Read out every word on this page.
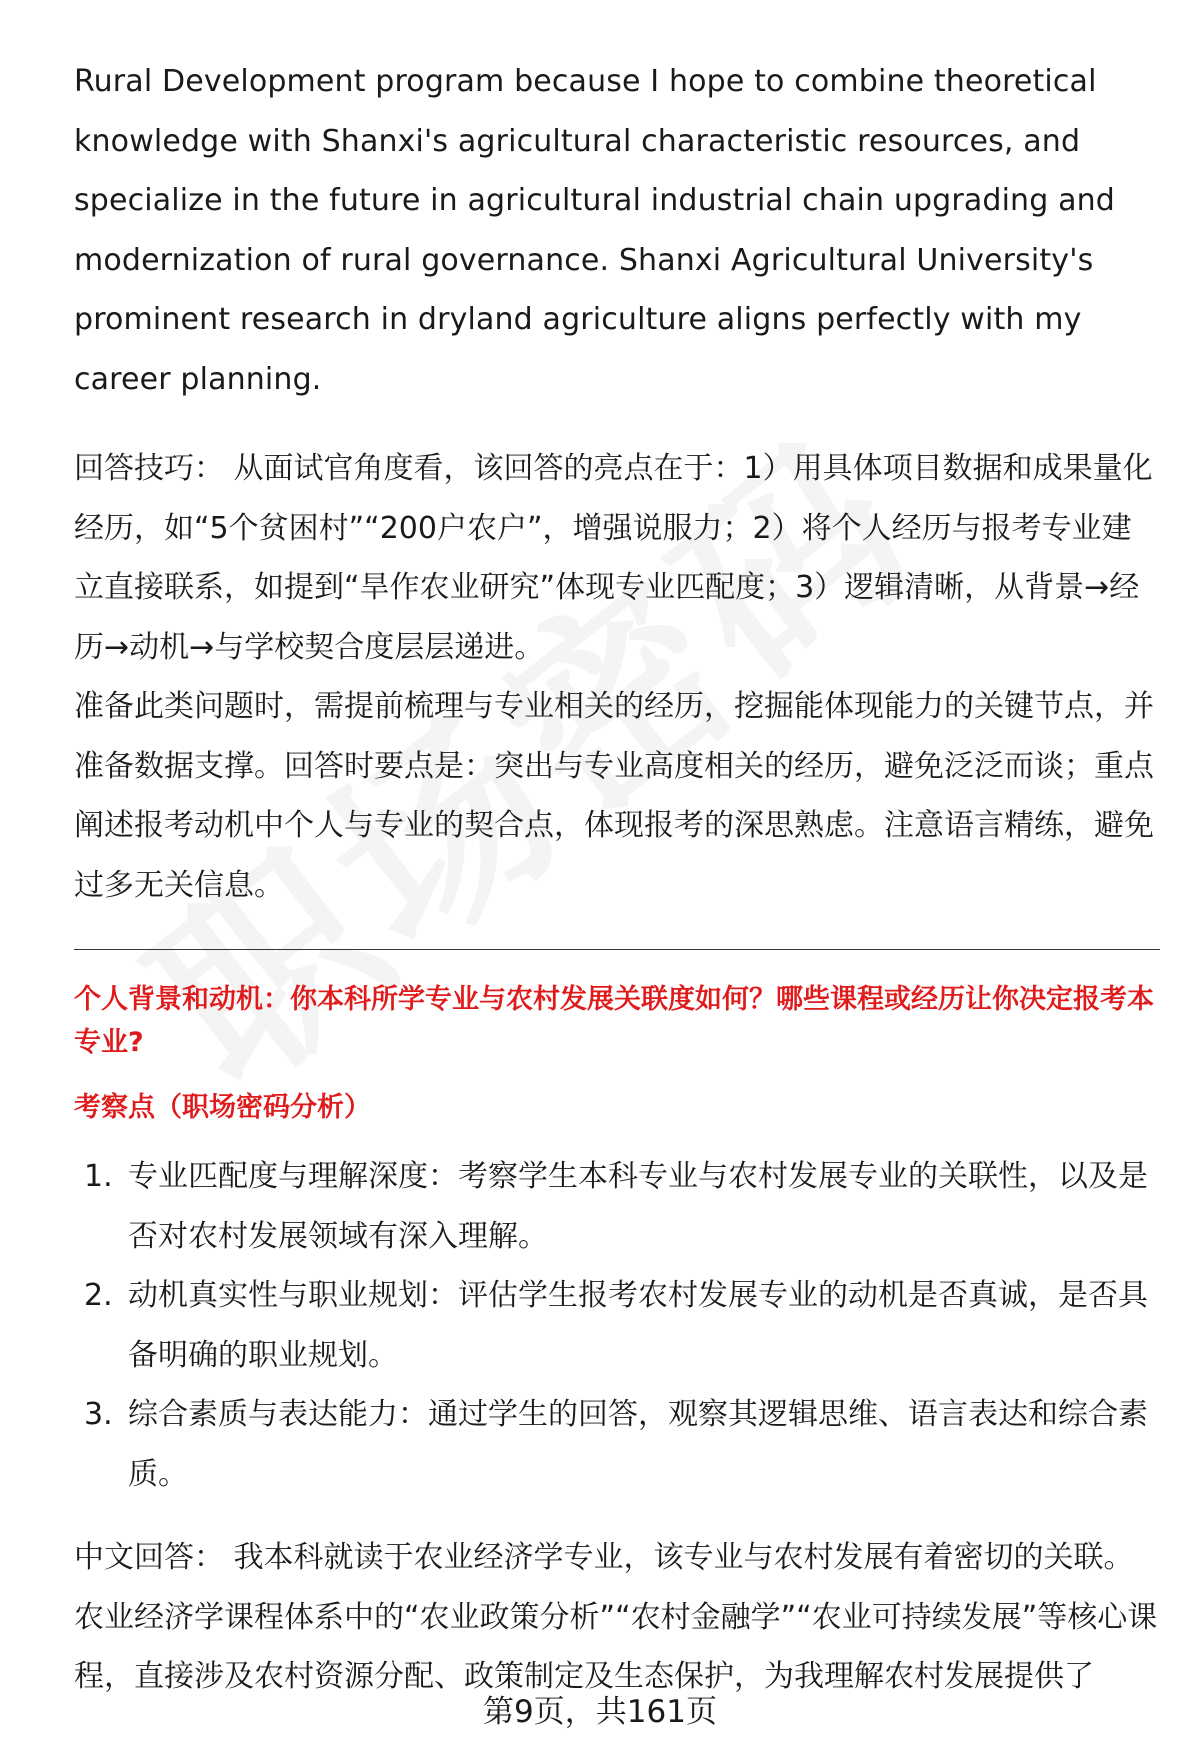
Rural Development program because I hope to combine theoretical knowledge with Shanxi's agricultural characteristic resources, and specialize in the future in agricultural industrial chain upgrading and modernization of rural governance. Shanxi Agricultural University's prominent research in dryland agriculture aligns perfectly with my career planning.

回答技巧： 从面试官角度看，该回答的亮点在于：1）用具体项目数据和成果量化经历，如“5个贫困村”“200户农户”，增强说服力；2）将个人经历与报考专业建立直接联系，如提到“旱作农业研究”体现专业匹配度；3）逻辑清晰，从背景→经历→动机→与学校契合度层层递进。

准备此类问题时，需提前梳理与专业相关的经历，挖掘能体现能力的关键节点，并准备数据支撑。回答时要点是：突出与专业高度相关的经历，避免泛泛而谈；重点阐述报考动机中个人与专业的契合点，体现报考的深思熟虑。注意语言精练，避免过多无关信息。

个人背景和动机：你本科所学专业与农村发展关联度如何？哪些课程或经历让你决定报考本专业?

考察点（职场密码分析）

1. 专业匹配度与理解深度：考察学生本科专业与农村发展专业的关联性，以及是否对农村发展领域有深入理解。
2. 动机真实性与职业规划：评估学生报考农村发展专业的动机是否真诚，是否具备明确的职业规划。
3. 综合素质与表达能力：通过学生的回答，观察其逻辑思维、语言表达和综合素质。

中文回答： 我本科就读于农业经济学专业，该专业与农村发展有着密切的关联。农业经济学课程体系中的“农业政策分析”“农村金融学”“农业可持续发展”等核心课程，直接涉及农村资源分配、政策制定及生态保护，为我理解农村发展提供了

第9页，共161页
